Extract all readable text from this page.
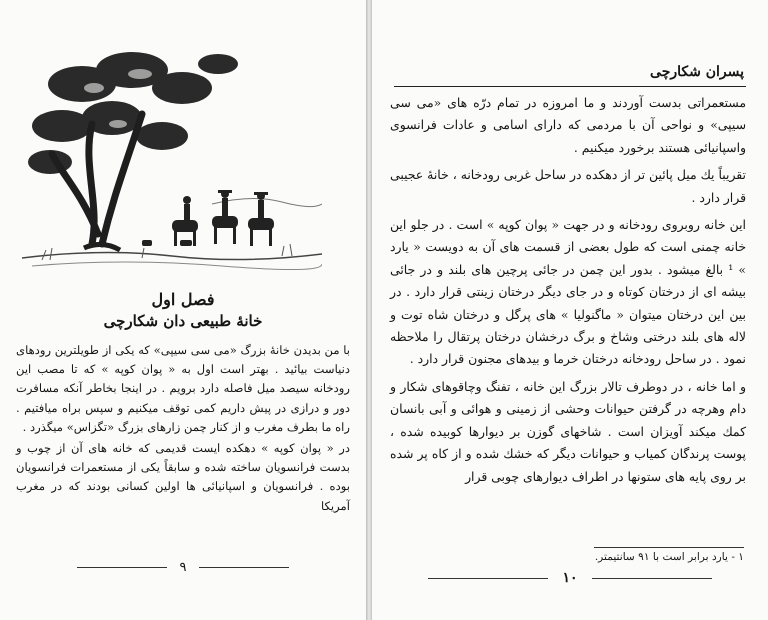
فصل اول
خانۀ طبیعی دان شکارچی

با من بدیدن خانۀ بزرگ «می سی سیپی» که یکی از طویلترین رودهای دنیاست بیائید . بهتر است اول به « پوان کوپه » که تا مصب این رودخانه سیصد میل فاصله دارد برویم . در اینجا بخاطر آنکه مسافرت دور و درازی در پیش داریم کمی توقف میکنیم و سپس براه میافتیم . راه ما بطرف مغرب و از کنار چمن زارهای بزرگ «تگزاس» میگذرد .

در « پوان کوپه » دهکده ایست قدیمی که خانه های آن از چوب و بدست فرانسویان ساخته شده و سابقاً یکی از مستعمرات فرانسویان بوده . فرانسویان و اسپانیائی ها اولین کسانی بودند که در مغرب آمریکا

۹
پسران شکارچی

مستعمراتی بدست آوردند و ما امروزه در تمام درّه های «می سی سیپی» و نواحی آن با مردمی که دارای اسامی و عادات فرانسوی واسپانیائی هستند برخورد میکنیم .

تقریباً یك میل پائین تر از دهکده در ساحل غربی رودخانه ، خانۀ عجیبی قرار دارد .

این خانه روبروی رودخانه و در جهت « پوان کوپه » است . در جلو این خانه چمنی است که طول بعضی از قسمت های آن به دویست « یارد » ¹ بالغ میشود . بدور این چمن در جائی پرچین های بلند و در جائی بیشه ای از درختان کوتاه و در جای دیگر درختان زینتی قرار دارد . در بین این درختان میتوان « ماگنولیا » های پرگل و درختان شاه توت و لاله های بلند درختی وشاخ و برگ درخشان درختان پرتقال را ملاحظه نمود . در ساحل رودخانه درختان خرما و بیدهای مجنون قرار دارد .

و اما خانه ، در دوطرف تالار بزرگ این خانه ، تفنگ وچاقوهای شکار و دام وهرچه در گرفتن حیوانات وحشی از زمینی و هوائی و آبی بانسان کمك میکند آویزان است . شاخهای گوزن بر دیوارها کوبیده شده ، پوست پرندگان کمیاب و حیوانات دیگر که خشك شده و از کاه پر شده بر روی پایه های ستونها در اطراف دیوارهای چوبی قرار

۱ - یارد برابر است با ۹۱ سانتیمتر.
۱۰
